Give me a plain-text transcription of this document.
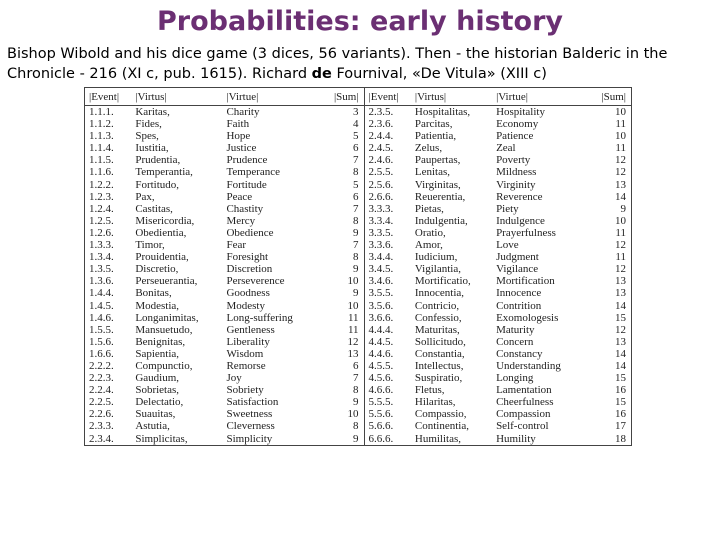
Probabilities: early history
Bishop Wibold and his dice game (3 dices, 56 variants). Then - the historian Balderic in the Chronicle - 216 (XI c, pub. 1615). Richard de Fournival, «De Vitula» (XIII c)
|Event|	|Virtus|	|Virtue|	|Sum|	|Event|	|Virtus|	|Virtue|	|Sum|
1.1.1.	Karitas,	Charity	3	2.3.5.	Hospitalitas,	Hospitality	10
1.1.2.	Fides,	Faith	4	2.3.6.	Parcitas,	Economy	11
1.1.3.	Spes,	Hope	5	2.4.4.	Patientia,	Patience	10
1.1.4.	Iustitia,	Justice	6	2.4.5.	Zelus,	Zeal	11
1.1.5.	Prudentia,	Prudence	7	2.4.6.	Paupertas,	Poverty	12
1.1.6.	Temperantia,	Temperance	8	2.5.5.	Lenitas,	Mildness	12
1.2.2.	Fortitudo,	Fortitude	5	2.5.6.	Virginitas,	Virginity	13
1.2.3.	Pax,	Peace	6	2.6.6.	Reuerentia,	Reverence	14
1.2.4.	Castitas,	Chastity	7	3.3.3.	Pietas,	Piety	9
1.2.5.	Misericordia,	Mercy	8	3.3.4.	Indulgentia,	Indulgence	10
1.2.6.	Obedientia,	Obedience	9	3.3.5.	Oratio,	Prayerfulness	11
1.3.3.	Timor,	Fear	7	3.3.6.	Amor,	Love	12
1.3.4.	Prouidentia,	Foresight	8	3.4.4.	Iudicium,	Judgment	11
1.3.5.	Discretio,	Discretion	9	3.4.5.	Vigilantia,	Vigilance	12
1.3.6.	Perseuerantia,	Perseverence	10	3.4.6.	Mortificatio,	Mortification	13
1.4.4.	Bonitas,	Goodness	9	3.5.5.	Innocentia,	Innocence	13
1.4.5.	Modestia,	Modesty	10	3.5.6.	Contricio,	Contrition	14
1.4.6.	Longanimitas,	Long-suffering	11	3.6.6.	Confessio,	Exomologesis	15
1.5.5.	Mansuetudo,	Gentleness	11	4.4.4.	Maturitas,	Maturity	12
1.5.6.	Benignitas,	Liberality	12	4.4.5.	Sollicitudo,	Concern	13
1.6.6.	Sapientia,	Wisdom	13	4.4.6.	Constantia,	Constancy	14
2.2.2.	Compunctio,	Remorse	6	4.5.5.	Intellectus,	Understanding	14
2.2.3.	Gaudium,	Joy	7	4.5.6.	Suspiratio,	Longing	15
2.2.4.	Sobrietas,	Sobriety	8	4.6.6.	Fletus,	Lamentation	16
2.2.5.	Delectatio,	Satisfaction	9	5.5.5.	Hilaritas,	Cheerfulness	15
2.2.6.	Suauitas,	Sweetness	10	5.5.6.	Compassio,	Compassion	16
2.3.3.	Astutia,	Cleverness	8	5.6.6.	Continentia,	Self-control	17
2.3.4.	Simplicitas,	Simplicity	9	6.6.6.	Humilitas,	Humility	18
